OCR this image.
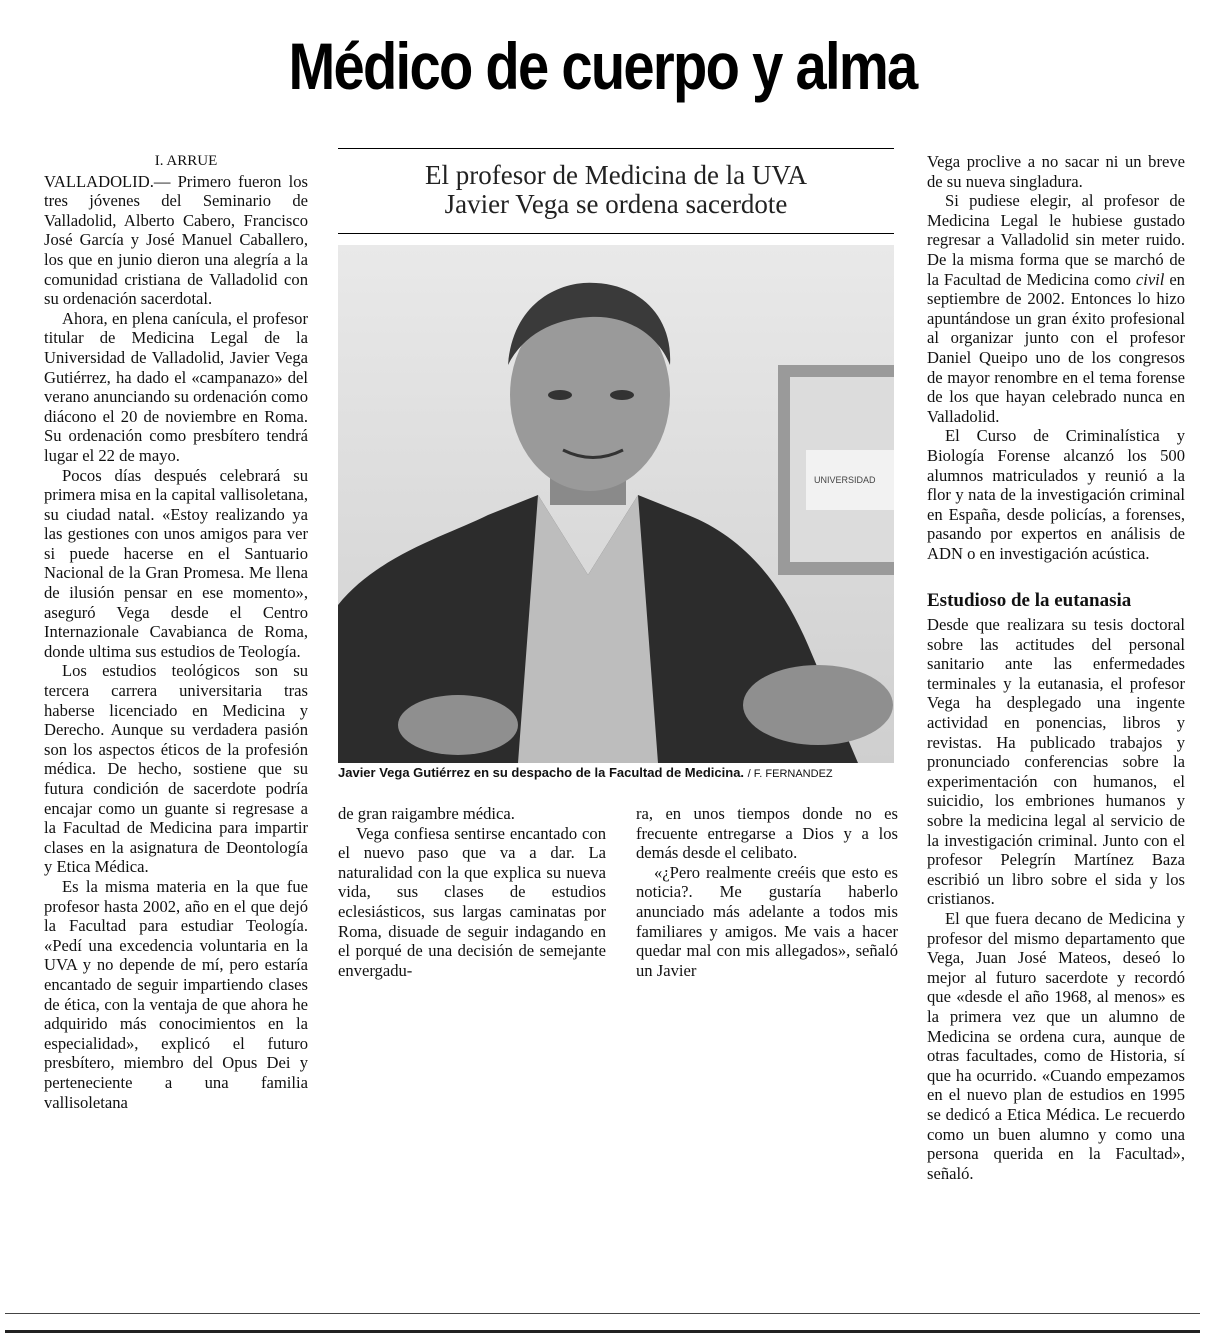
Médico de cuerpo y alma
I. ARRUE

VALLADOLID.— Primero fueron los tres jóvenes del Seminario de Valladolid, Alberto Cabero, Francisco José García y José Manuel Caballero, los que en junio dieron una alegría a la comunidad cristiana de Valladolid con su ordenación sacerdotal.

Ahora, en plena canícula, el profesor titular de Medicina Legal de la Universidad de Valladolid, Javier Vega Gutiérrez, ha dado el «campanazo» del verano anunciando su ordenación como diácono el 20 de noviembre en Roma. Su ordenación como presbítero tendrá lugar el 22 de mayo.

Pocos días después celebrará su primera misa en la capital vallisoletana, su ciudad natal. «Estoy realizando ya las gestiones con unos amigos para ver si puede hacerse en el Santuario Nacional de la Gran Promesa. Me llena de ilusión pensar en ese momento», aseguró Vega desde el Centro Internazionale Cavabianca de Roma, donde ultima sus estudios de Teología.

Los estudios teológicos son su tercera carrera universitaria tras haberse licenciado en Medicina y Derecho. Aunque su verdadera pasión son los aspectos éticos de la profesión médica. De hecho, sostiene que su futura condición de sacerdote podría encajar como un guante si regresase a la Facultad de Medicina para impartir clases en la asignatura de Deontología y Etica Médica.

Es la misma materia en la que fue profesor hasta 2002, año en el que dejó la Facultad para estudiar Teología. «Pedí una excedencia voluntaria en la UVA y no depende de mí, pero estaría encantado de seguir impartiendo clases de ética, con la ventaja de que ahora he adquirido más conocimientos en la especialidad», explicó el futuro presbítero, miembro del Opus Dei y perteneciente a una familia vallisoletana

El profesor de Medicina de la UVA
Javier Vega se ordena sacerdote
UNIVERSIDAD
Javier Vega Gutiérrez en su despacho de la Facultad de Medicina. / F. FERNANDEZ

de gran raigambre médica.

Vega confiesa sentirse encantado con el nuevo paso que va a dar. La naturalidad con la que explica su nueva vida, sus clases de estudios eclesiásticos, sus largas caminatas por Roma, disuade de seguir indagando en el porqué de una decisión de semejante envergadu-

ra, en unos tiempos donde no es frecuente entregarse a Dios y a los demás desde el celibato.

«¿Pero realmente creéis que esto es noticia?. Me gustaría haberlo anunciado más adelante a todos mis familiares y amigos. Me vais a hacer quedar mal con mis allegados», señaló un Javier

Vega proclive a no sacar ni un breve de su nueva singladura.

Si pudiese elegir, al profesor de Medicina Legal le hubiese gustado regresar a Valladolid sin meter ruido. De la misma forma que se marchó de la Facultad de Medicina como civil en septiembre de 2002. Entonces lo hizo apuntándose un gran éxito profesional al organizar junto con el profesor Daniel Queipo uno de los congresos de mayor renombre en el tema forense de los que hayan celebrado nunca en Valladolid.

El Curso de Criminalística y Biología Forense alcanzó los 500 alumnos matriculados y reunió a la flor y nata de la investigación criminal en España, desde policías, a forenses, pasando por expertos en análisis de ADN o en investigación acústica.

Estudioso de la eutanasia

Desde que realizara su tesis doctoral sobre las actitudes del personal sanitario ante las enfermedades terminales y la eutanasia, el profesor Vega ha desplegado una ingente actividad en ponencias, libros y revistas. Ha publicado trabajos y pronunciado conferencias sobre la experimentación con humanos, el suicidio, los embriones humanos y sobre la medicina legal al servicio de la investigación criminal. Junto con el profesor Pelegrín Martínez Baza escribió un libro sobre el sida y los cristianos.

El que fuera decano de Medicina y profesor del mismo departamento que Vega, Juan José Mateos, deseó lo mejor al futuro sacerdote y recordó que «desde el año 1968, al menos» es la primera vez que un alumno de Medicina se ordena cura, aunque de otras facultades, como de Historia, sí que ha ocurrido. «Cuando empezamos en el nuevo plan de estudios en 1995 se dedicó a Etica Médica. Le recuerdo como un buen alumno y como una persona querida en la Facultad», señaló.
